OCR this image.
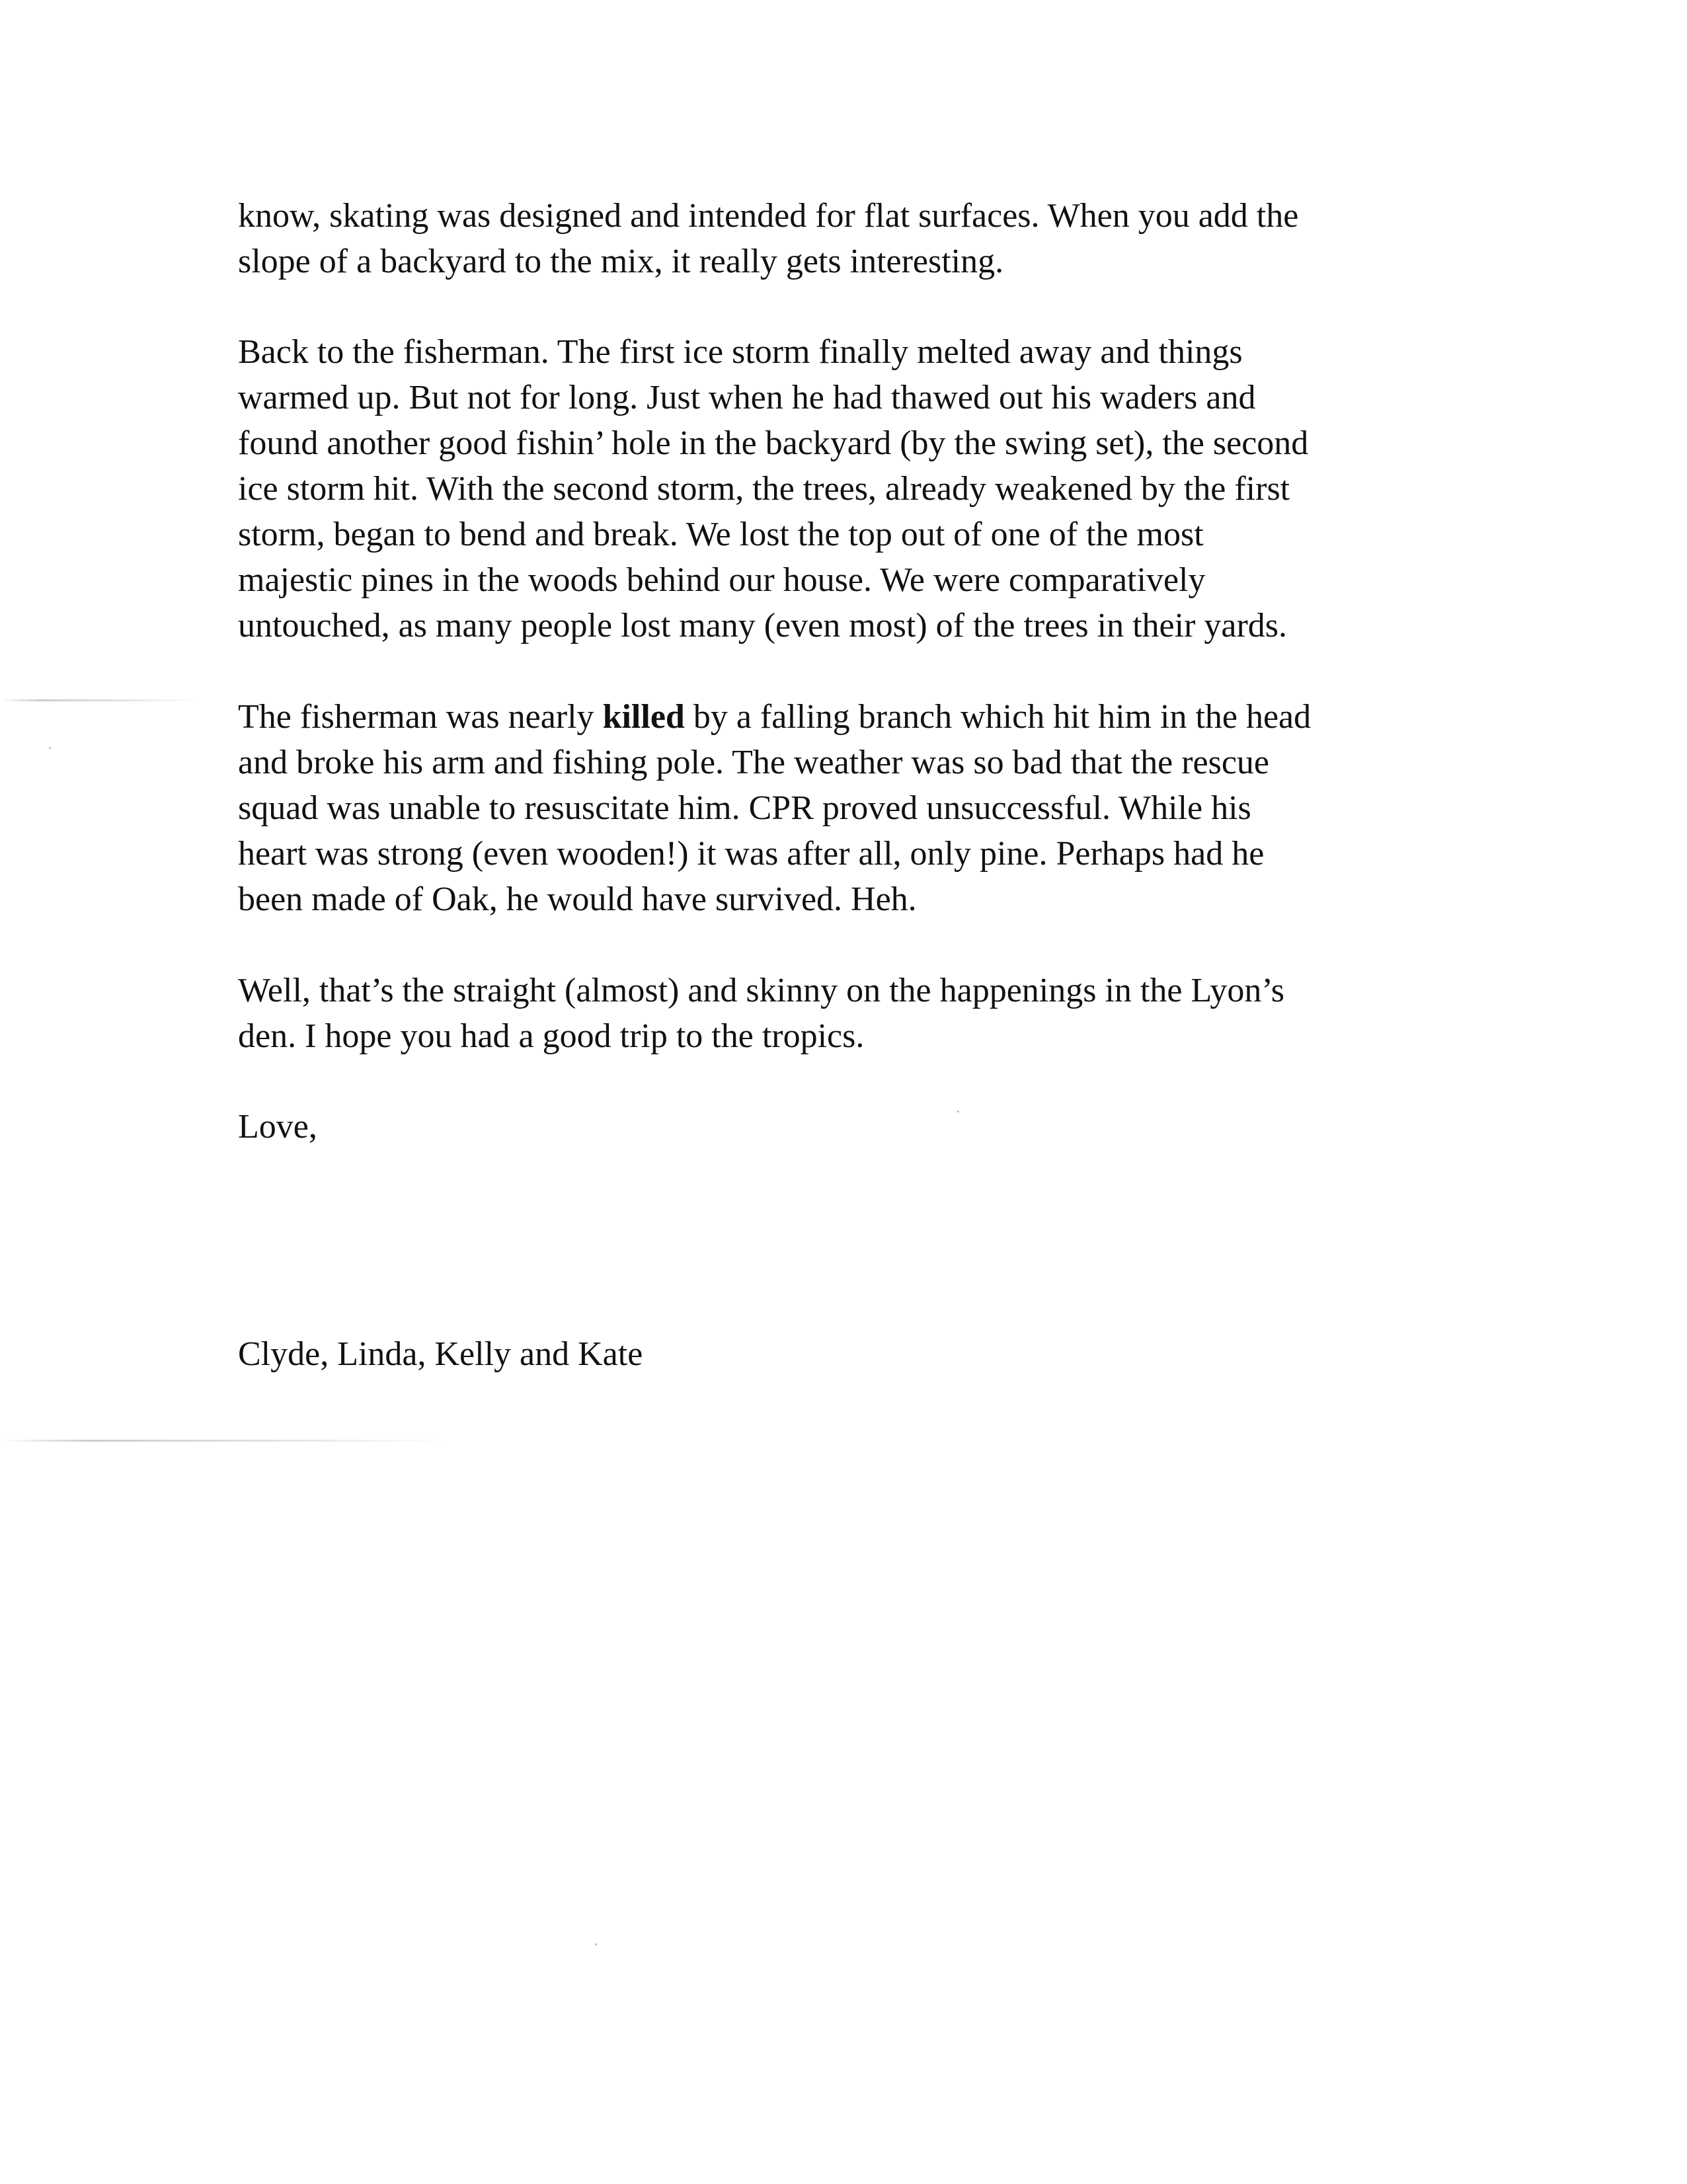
know, skating was designed and intended for flat surfaces. When you add the
slope of a backyard to the mix, it really gets interesting.

Back to the fisherman. The first ice storm finally melted away and things
warmed up. But not for long. Just when he had thawed out his waders and
found another good fishin’ hole in the backyard (by the swing set), the second
ice storm hit. With the second storm, the trees, already weakened by the first
storm, began to bend and break. We lost the top out of one of the most
majestic pines in the woods behind our house. We were comparatively
untouched, as many people lost many (even most) of the trees in their yards.

The fisherman was nearly killed by a falling branch which hit him in the head
and broke his arm and fishing pole. The weather was so bad that the rescue
squad was unable to resuscitate him. CPR proved unsuccessful. While his
heart was strong (even wooden!) it was after all, only pine. Perhaps had he
been made of Oak, he would have survived. Heh.

Well, that’s the straight (almost) and skinny on the happenings in the Lyon’s
den. I hope you had a good trip to the tropics.

Love,

Clyde, Linda, Kelly and Kate
